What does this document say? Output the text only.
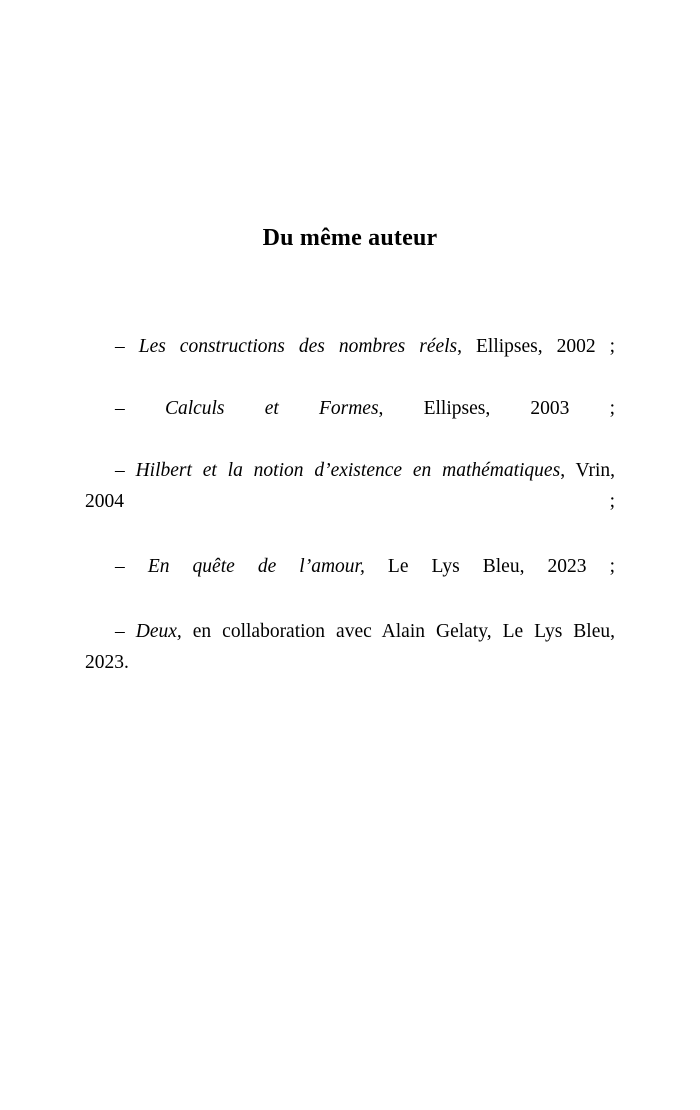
Du même auteur

– Les constructions des nombres réels, Ellipses, 2002 ;

– Calculs et Formes, Ellipses, 2003 ;

– Hilbert et la notion d’existence en mathématiques, Vrin, 2004 ;

– En quête de l’amour, Le Lys Bleu, 2023 ;

– Deux, en collaboration avec Alain Gelaty, Le Lys Bleu, 2023.
